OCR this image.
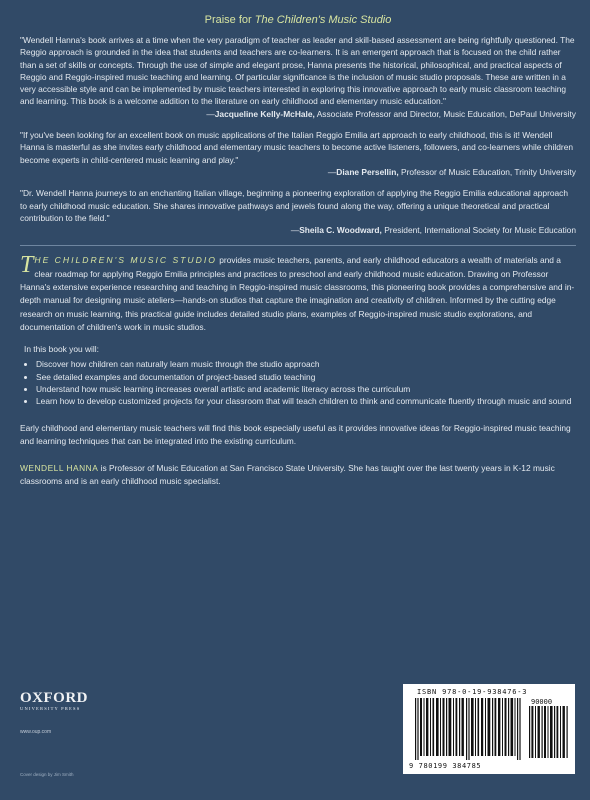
Praise for The Children's Music Studio

"Wendell Hanna's book arrives at a time when the very paradigm of teacher as leader and skill-based assessment are being rightfully questioned. The Reggio approach is grounded in the idea that students and teachers are co-learners. It is an emergent approach that is focused on the child rather than a set of skills or concepts. Through the use of simple and elegant prose, Hanna presents the historical, philosophical, and practical aspects of Reggio and Reggio-inspired music teaching and learning. Of particular significance is the inclusion of music studio proposals. These are written in a very accessible style and can be implemented by music teachers interested in exploring this innovative approach to early music classroom teaching and learning. This book is a welcome addition to the literature on early childhood and elementary music education."

—Jacqueline Kelly-McHale, Associate Professor and Director, Music Education, DePaul University

"If you've been looking for an excellent book on music applications of the Italian Reggio Emilia art approach to early childhood, this is it! Wendell Hanna is masterful as she invites early childhood and elementary music teachers to become active listeners, followers, and co-learners while children become experts in child-centered music learning and play."

—Diane Persellin, Professor of Music Education, Trinity University

"Dr. Wendell Hanna journeys to an enchanting Italian village, beginning a pioneering exploration of applying the Reggio Emilia educational approach to early childhood music education. She shares innovative pathways and jewels found along the way, offering a unique theoretical and practical contribution to the field."

—Sheila C. Woodward, President, International Society for Music Education
THE CHILDREN'S MUSIC STUDIO provides music teachers, parents, and early childhood educators a wealth of materials and a clear roadmap for applying Reggio Emilia principles and practices to preschool and early childhood music education. Drawing on Professor Hanna's extensive experience researching and teaching in Reggio-inspired music classrooms, this pioneering book provides a comprehensive and in-depth manual for designing music ateliers—hands-on studios that capture the imagination and creativity of children. Informed by the cutting edge research on music learning, this practical guide includes detailed studio plans, examples of Reggio-inspired music studio explorations, and documentation of children's work in music studios.
In this book you will:
• Discover how children can naturally learn music through the studio approach
• See detailed examples and documentation of project-based studio teaching
• Understand how music learning increases overall artistic and academic literacy across the curriculum
• Learn how to develop customized projects for your classroom that will teach children to think and communicate fluently through music and sound

Early childhood and elementary music teachers will find this book especially useful as it provides innovative ideas for Reggio-inspired music teaching and learning techniques that can be integrated into the existing curriculum.

WENDELL HANNA is Professor of Music Education at San Francisco State University. She has taught over the last twenty years in K-12 music classrooms and is an early childhood music specialist.

OXFORD
UNIVERSITY PRESS
www.oup.com
Cover design by Jim Smith
ISBN 978-0-19-938476-3
90000
9 780199 384785
